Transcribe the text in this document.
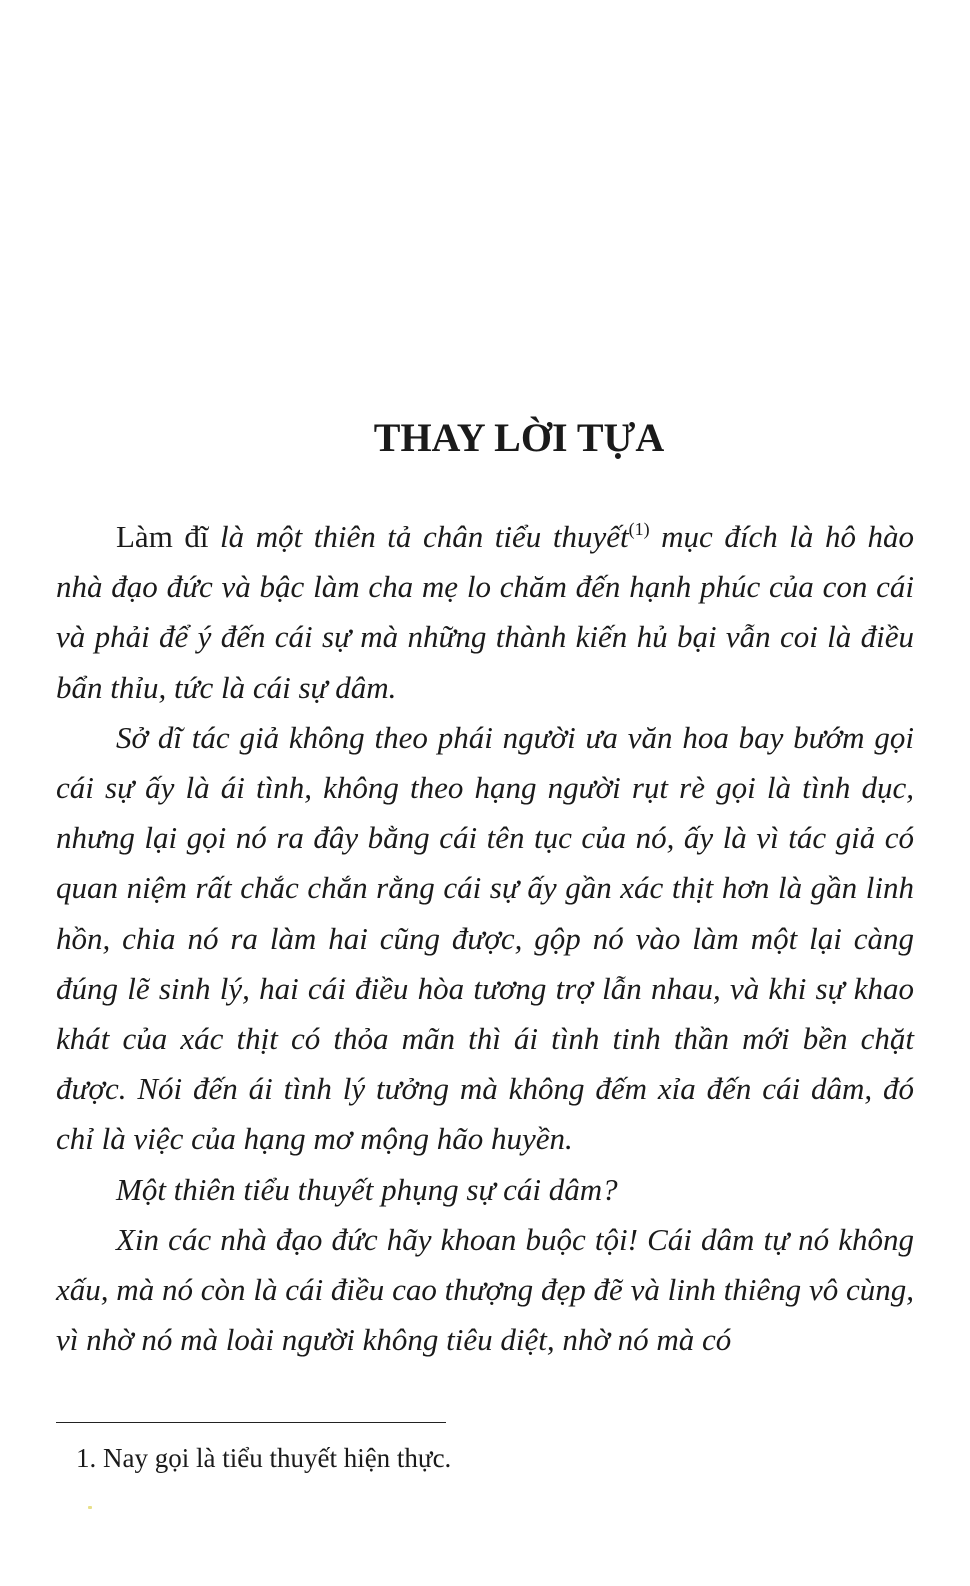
THAY LỜI TỰA

Làm đĩ là một thiên tả chân tiểu thuyết$^{(1)}$ mục đích là hô hào nhà đạo đức và bậc làm cha mẹ lo chăm đến hạnh phúc của con cái và phải để ý đến cái sự mà những thành kiến hủ bại vẫn coi là điều bẩn thỉu, tức là cái sự dâm.

Sở dĩ tác giả không theo phái người ưa văn hoa bay bướm gọi cái sự ấy là ái tình, không theo hạng người rụt rè gọi là tình dục, nhưng lại gọi nó ra đây bằng cái tên tục của nó, ấy là vì tác giả có quan niệm rất chắc chắn rằng cái sự ấy gần xác thịt hơn là gần linh hồn, chia nó ra làm hai cũng được, gộp nó vào làm một lại càng đúng lẽ sinh lý, hai cái điều hòa tương trợ lẫn nhau, và khi sự khao khát của xác thịt có thỏa mãn thì ái tình tinh thần mới bền chặt được. Nói đến ái tình lý tưởng mà không đếm xỉa đến cái dâm, đó chỉ là việc của hạng mơ mộng hão huyền.

Một thiên tiểu thuyết phụng sự cái dâm?

Xin các nhà đạo đức hãy khoan buộc tội! Cái dâm tự nó không xấu, mà nó còn là cái điều cao thượng đẹp đẽ và linh thiêng vô cùng, vì nhờ nó mà loài người không tiêu diệt, nhờ nó mà có

1. Nay gọi là tiểu thuyết hiện thực.
